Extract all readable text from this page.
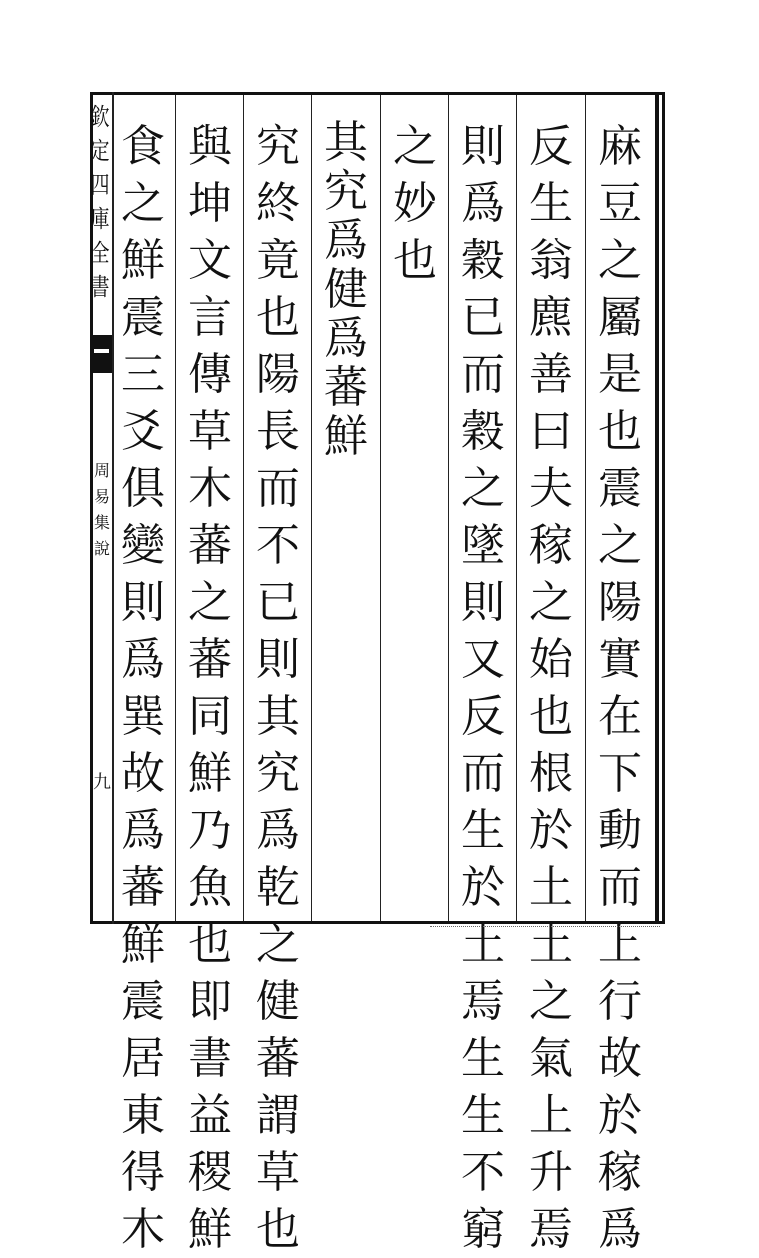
欽
定
四
庫
全
書
周
易
集
說
九
麻
豆
之
屬
是
也
震
之
陽
實
在
下
動
而
上
行
故
於
稼
爲
反
生
翁
麃
善
曰
夫
稼
之
始
也
根
於
土
土
之
氣
上
升
焉
則
爲
穀
已
而
穀
之
墜
則
又
反
而
生
於
土
焉
生
生
不
窮
之
妙
也
其
究
爲
健
爲
蕃
鮮
究
終
竟
也
陽
長
而
不
已
則
其
究
爲
乾
之
健
蕃
謂
草
也
與
坤
文
言
傳
草
木
蕃
之
蕃
同
鮮
乃
魚
也
即
書
益
稷
鮮
食
之
鮮
震
三
爻
俱
變
則
爲
巽
故
爲
蕃
鮮
震
居
東
得
木
